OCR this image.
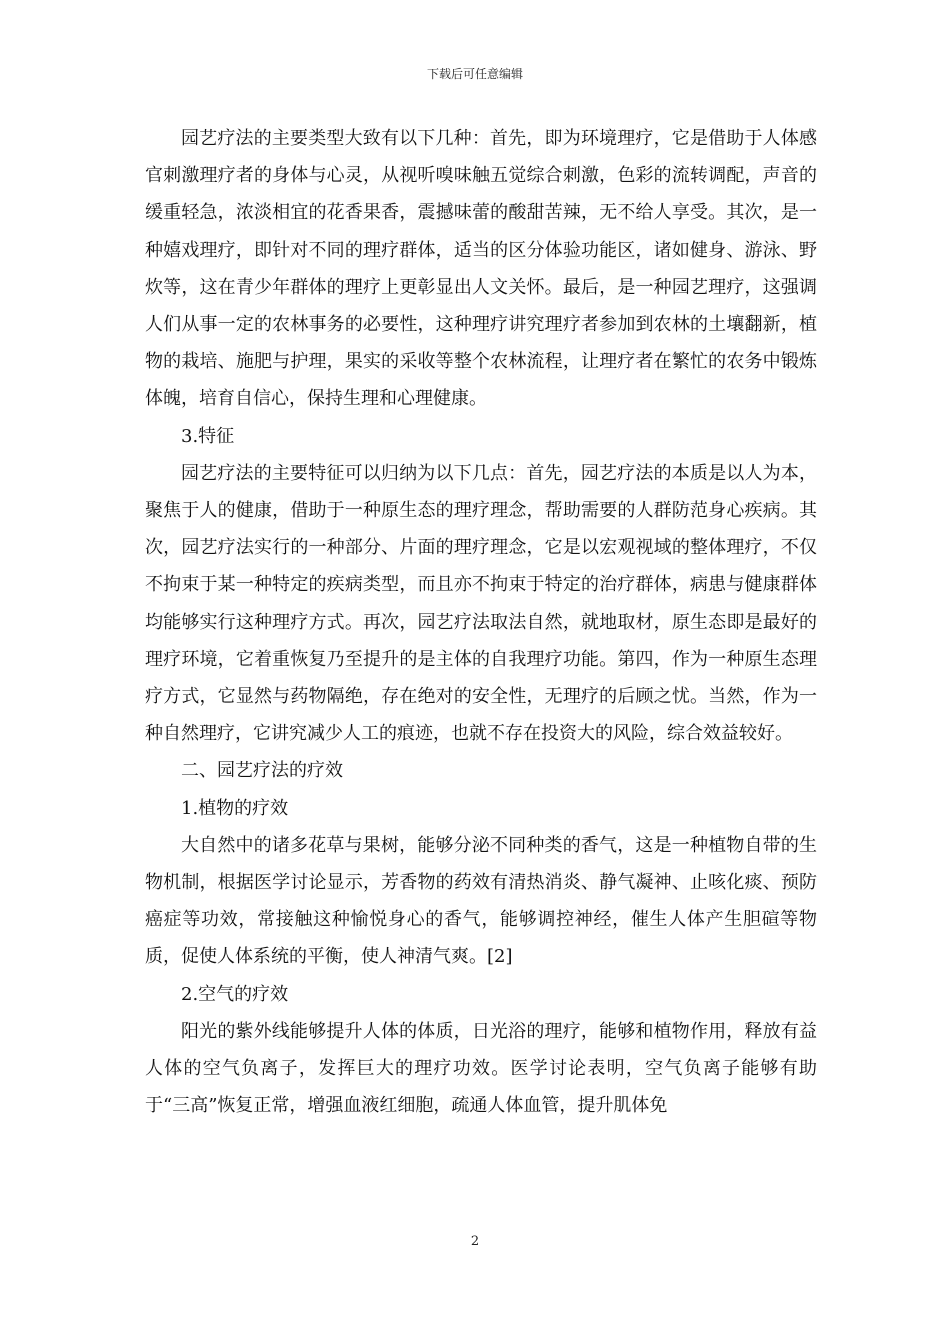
下载后可任意编辑

园艺疗法的主要类型大致有以下几种：首先，即为环境理疗，它是借助于人体感官刺激理疗者的身体与心灵，从视听嗅味触五觉综合刺激，色彩的流转调配，声音的缓重轻急，浓淡相宜的花香果香，震撼味蕾的酸甜苦辣，无不给人享受。其次，是一种嬉戏理疗，即针对不同的理疗群体，适当的区分体验功能区，诸如健身、游泳、野炊等，这在青少年群体的理疗上更彰显出人文关怀。最后，是一种园艺理疗，这强调人们从事一定的农林事务的必要性，这种理疗讲究理疗者参加到农林的土壤翻新，植物的栽培、施肥与护理，果实的采收等整个农林流程，让理疗者在繁忙的农务中锻炼体魄，培育自信心，保持生理和心理健康。

3.特征

园艺疗法的主要特征可以归纳为以下几点：首先，园艺疗法的本质是以人为本，聚焦于人的健康，借助于一种原生态的理疗理念，帮助需要的人群防范身心疾病。其次，园艺疗法实行的一种部分、片面的理疗理念，它是以宏观视域的整体理疗，不仅不拘束于某一种特定的疾病类型，而且亦不拘束于特定的治疗群体，病患与健康群体均能够实行这种理疗方式。再次，园艺疗法取法自然，就地取材，原生态即是最好的理疗环境，它着重恢复乃至提升的是主体的自我理疗功能。第四，作为一种原生态理疗方式，它显然与药物隔绝，存在绝对的安全性，无理疗的后顾之忧。当然，作为一种自然理疗，它讲究减少人工的痕迹，也就不存在投资大的风险，综合效益较好。

二、园艺疗法的疗效

1.植物的疗效

大自然中的诸多花草与果树，能够分泌不同种类的香气，这是一种植物自带的生物机制，根据医学讨论显示，芳香物的药效有清热消炎、静气凝神、止咳化痰、预防癌症等功效，常接触这种愉悦身心的香气，能够调控神经，催生人体产生胆碹等物质，促使人体系统的平衡，使人神清气爽。[2]

2.空气的疗效

阳光的紫外线能够提升人体的体质，日光浴的理疗，能够和植物作用，释放有益人体的空气负离子，发挥巨大的理疗功效。医学讨论表明，空气负离子能够有助于“三高”恢复正常，增强血液红细胞，疏通人体血管，提升肌体免

2
